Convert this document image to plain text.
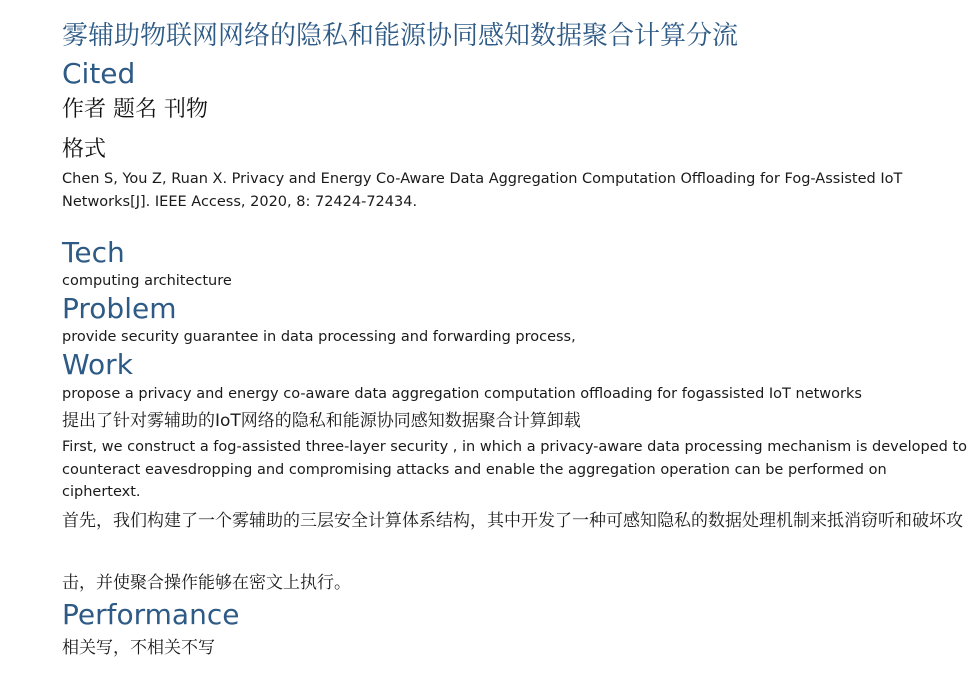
雾辅助物联网网络的隐私和能源协同感知数据聚合计算分流
Cited
作者 题名 刊物
格式
Chen S, You Z, Ruan X. Privacy and Energy Co-Aware Data Aggregation Computation Offloading for Fog-Assisted IoT Networks[J]. IEEE Access, 2020, 8: 72424-72434.
Tech
computing architecture
Problem
provide security guarantee in data processing and forwarding process,
Work
propose a privacy and energy co-aware data aggregation computation offloading for fogassisted IoT networks
提出了针对雾辅助的IoT网络的隐私和能源协同感知数据聚合计算卸载
First, we construct a fog-assisted three-layer security , in which a privacy-aware data processing mechanism is developed to counteract eavesdropping and compromising attacks and enable the aggregation operation can be performed on ciphertext.
首先，我们构建了一个雾辅助的三层安全计算体系结构，其中开发了一种可感知隐私的数据处理机制来抵消窃听和破坏攻
击，并使聚合操作能够在密文上执行。
Performance
相关写，不相关不写
